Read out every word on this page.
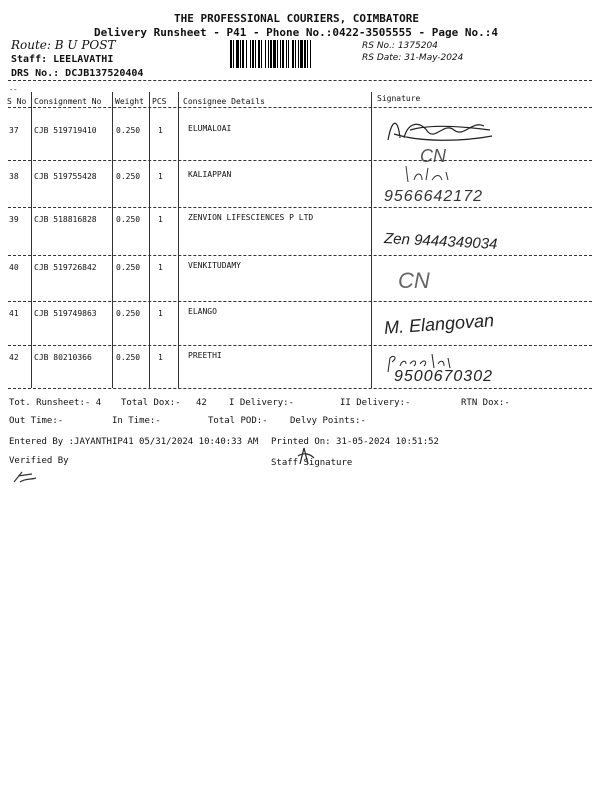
THE PROFESSIONAL COURIERS, COIMBATORE
Delivery Runsheet - P41 - Phone No.:0422-3505555 - Page No.:4
Route: B U POST
Staff: LEELAVATHI
DRS No.: DCJB137520404
RS No.: 1375204
RS Date: 31-May-2024
--
S No Consignment No Weight PCS Consignee Details	Signature
37 CJB 519719410 0.250 1	ELUMALOAI
CN
38 CJB 519755428 0.250 1	KALIAPPAN
9566642172
39 CJB 518816828 0.250 1	ZENVION LIFESCIENCES P LTD
Zen 9444349034
40 CJB 519726842 0.250 1	VENKITUDAMY
CN
41 CJB 519749863 0.250 1	ELANGO	M. Elangovan
42 CJB 80210366	0.250 1	PREETHI
9500670302
Tot. Runsheet:- 4 Total Dox:- 42 I Delivery:-	II Delivery:-	RTN Dox:-
Out Time:-	In Time:-	Total POD:- Delvy Points:-
Entered By :JAYANTHIP41 05/31/2024 10:40:33 AM Printed On: 31-05-2024 10:51:52
Verified By	Staff Signature
